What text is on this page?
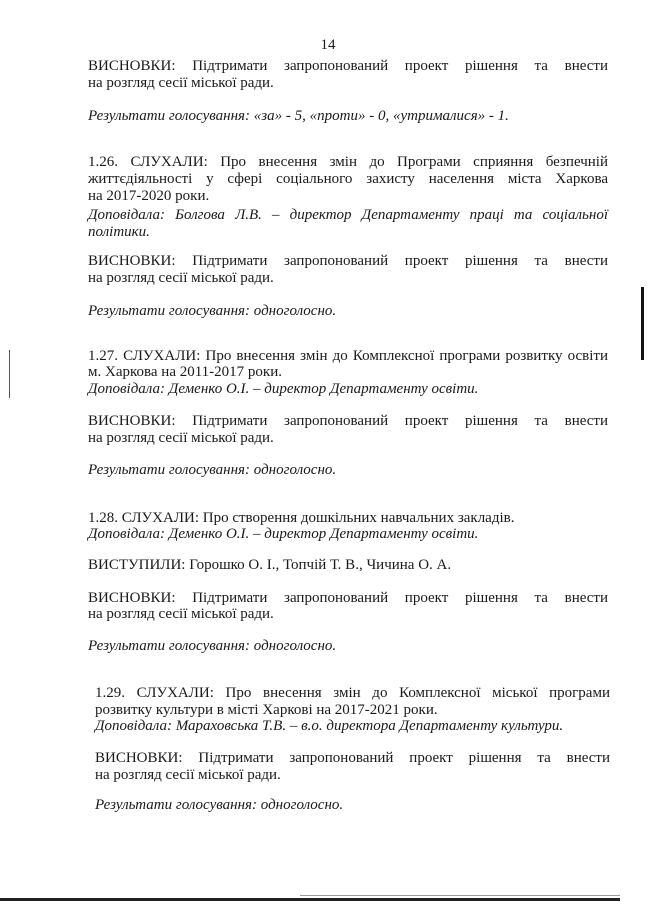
14
ВИСНОВКИ: Підтримати запропонований проект рішення та внести
на розгляд сесії міської ради.
Результати голосування: «за» - 5, «проти» - 0, «утрималися» - 1.
1.26. СЛУХАЛИ: Про внесення змін до Програми сприяння безпечній
життєдіяльності у сфері соціального захисту населення міста Харкова
на 2017-2020 роки.
Доповідала: Болгова Л.В. – директор Департаменту праці та соціальної
політики.
ВИСНОВКИ: Підтримати запропонований проект рішення та внести
на розгляд сесії міської ради.
Результати голосування: одноголосно.
1.27. СЛУХАЛИ: Про внесення змін до Комплексної програми розвитку освіти
м. Харкова на 2011-2017 роки.
Доповідала: Деменко О.І. – директор Департаменту освіти.
ВИСНОВКИ: Підтримати запропонований проект рішення та внести
на розгляд сесії міської ради.
Результати голосування: одноголосно.
1.28. СЛУХАЛИ: Про створення дошкільних навчальних закладів.
Доповідала: Деменко О.І. – директор Департаменту освіти.
ВИСТУПИЛИ: Горошко О. І., Топчій Т. В., Чичина О. А.
ВИСНОВКИ: Підтримати запропонований проект рішення та внести
на розгляд сесії міської ради.
Результати голосування: одноголосно.
1.29. СЛУХАЛИ: Про внесення змін до Комплексної міської програми
розвитку культури в місті Харкові на 2017-2021 роки.
Доповідала: Мараховська Т.В. – в.о. директора Департаменту культури.
ВИСНОВКИ: Підтримати запропонований проект рішення та внести
на розгляд сесії міської ради.
Результати голосування: одноголосно.
